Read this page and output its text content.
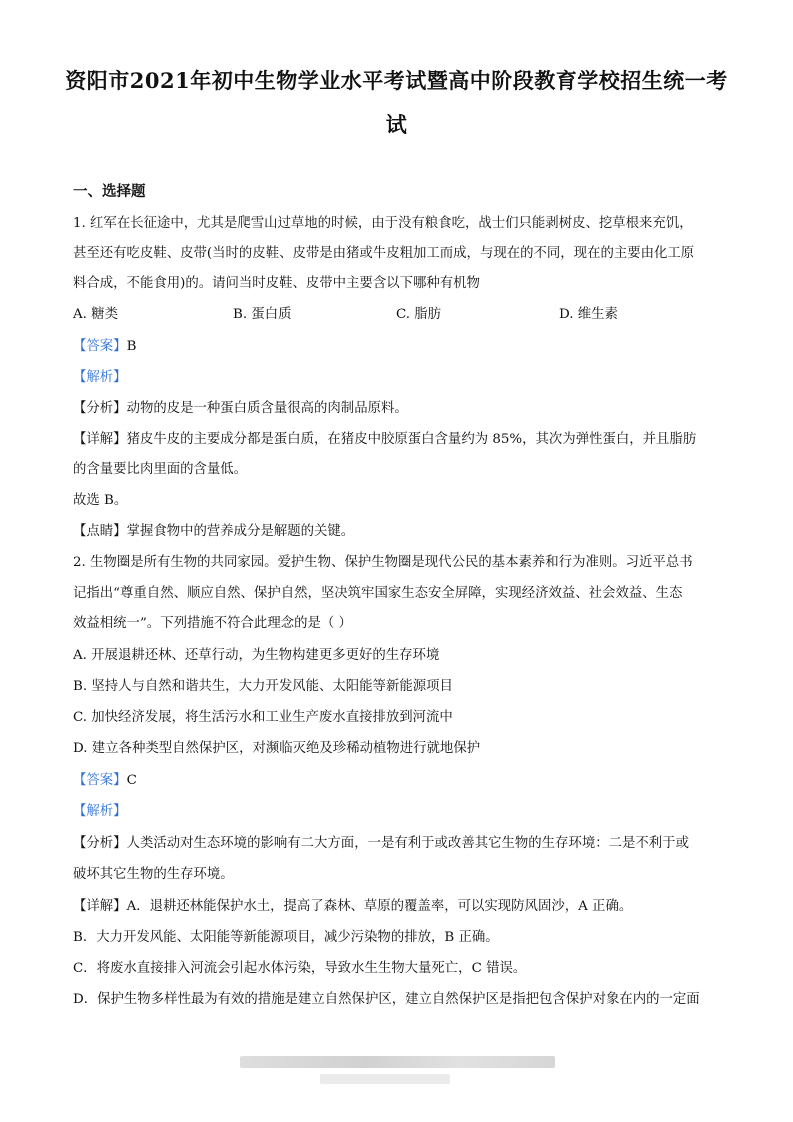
资阳市2021年初中生物学业水平考试暨高中阶段教育学校招生统一考
试
一、选择题
1. 红军在长征途中，尤其是爬雪山过草地的时候，由于没有粮食吃，战士们只能剥树皮、挖草根来充饥，
甚至还有吃皮鞋、皮带(当时的皮鞋、皮带是由猪或牛皮粗加工而成，与现在的不同，现在的主要由化工原
料合成，不能食用)的。请问当时皮鞋、皮带中主要含以下哪种有机物
A. 糖类	B. 蛋白质	C. 脂肪	D. 维生素
【答案】B
【解析】
【分析】动物的皮是一种蛋白质含量很高的肉制品原料。
【详解】猪皮牛皮的主要成分都是蛋白质，在猪皮中胶原蛋白含量约为 85%，其次为弹性蛋白，并且脂肪
的含量要比肉里面的含量低。
故选 B。
【点睛】掌握食物中的营养成分是解题的关键。
2. 生物圈是所有生物的共同家园。爱护生物、保护生物圈是现代公民的基本素养和行为准则。习近平总书
记指出“尊重自然、顺应自然、保护自然，坚决筑牢国家生态安全屏障，实现经济效益、社会效益、生态
效益相统一”。下列措施不符合此理念的是（ ）
A. 开展退耕还林、还草行动，为生物构建更多更好的生存环境
B. 坚持人与自然和谐共生，大力开发风能、太阳能等新能源项目
C. 加快经济发展，将生活污水和工业生产废水直接排放到河流中
D. 建立各种类型自然保护区，对濒临灭绝及珍稀动植物进行就地保护
【答案】C
【解析】
【分析】人类活动对生态环境的影响有二大方面，一是有利于或改善其它生物的生存环境：二是不利于或
破坏其它生物的生存环境。
【详解】A．退耕还林能保护水土，提高了森林、草原的覆盖率，可以实现防风固沙，A 正确。
B．大力开发风能、太阳能等新能源项目，减少污染物的排放，B 正确。
C．将废水直接排入河流会引起水体污染，导致水生生物大量死亡，C 错误。
D．保护生物多样性最为有效的措施是建立自然保护区，建立自然保护区是指把包含保护对象在内的一定面
